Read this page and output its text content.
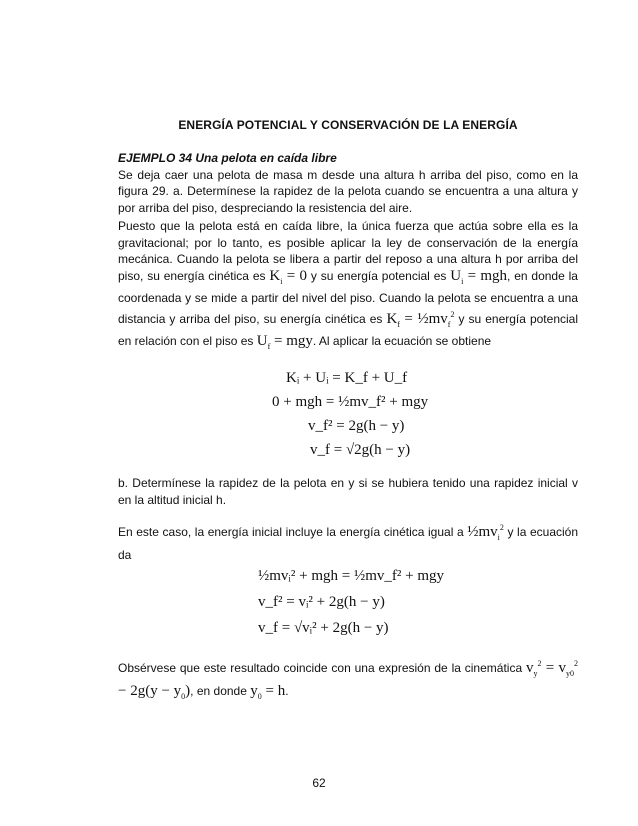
ENERGÍA POTENCIAL Y CONSERVACIÓN DE LA ENERGÍA
EJEMPLO 34 Una pelota en caída libre
Se deja caer una pelota de masa m desde una altura h arriba del piso, como en la figura 29. a. Determínese la rapidez de la pelota cuando se encuentra a una altura y por arriba del piso, despreciando la resistencia del aire.
Puesto que la pelota está en caída libre, la única fuerza que actúa sobre ella es la gravitacional; por lo tanto, es posible aplicar la ley de conservación de la energía mecánica. Cuando la pelota se libera a partir del reposo a una altura h por arriba del piso, su energía cinética es $K_i = 0$ y su energía potencial es $U_i$ = mgh, en donde la coordenada y se mide a partir del nivel del piso. Cuando la pelota se encuentra a una distancia y arriba del piso, su energía cinética es $K_f$ = $\frac{1}{2}mv_f^2$ y su energía potencial en relación con el piso es $U_f$ = mgy. Al aplicar la ecuación se obtiene
Kᵢ + Uᵢ = K_f + U_f
0 + mgh = ½mv_f² + mgy
v_f² = 2g(h − y)
v_f = √2g(h − y)
b. Determínese la rapidez de la pelota en y si se hubiera tenido una rapidez inicial v en la altitud inicial h.
En este caso, la energía inicial incluye la energía cinética igual a $\frac{1}{2}mv_i^2$ y la ecuación da
½mvᵢ² + mgh = ½mv_f² + mgy
v_f² = vᵢ² + 2g(h − y)
v_f = √vᵢ² + 2g(h − y)
Obsérvese que este resultado coincide con una expresión de la cinemática $v_y^2 = v_{y0}^2 - 2g(y - y_0)$, en donde $y_0 = h$.
62
